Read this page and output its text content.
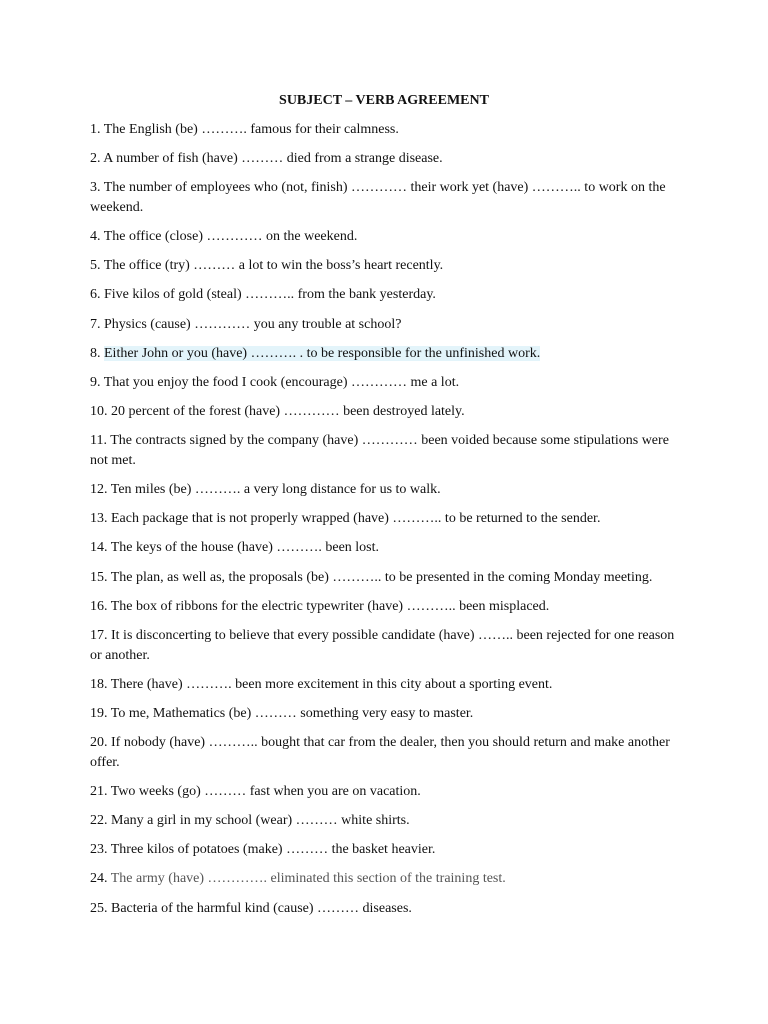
SUBJECT – VERB AGREEMENT
1. The English (be) ………. famous for their calmness.
2. A number of fish (have) ……… died from a strange disease.
3. The number of employees who (not, finish) ………… their work yet (have) ……….. to work on the weekend.
4. The office (close) ………… on the weekend.
5. The office (try) ……… a lot to win the boss’s heart recently.
6. Five kilos of gold (steal) ……….. from the bank yesterday.
7. Physics (cause) ………… you any trouble at school?
8. Either John or you (have) ………. . to be responsible for the unfinished work.
9. That you enjoy the food I cook (encourage) ………… me a lot.
10. 20 percent of the forest (have) ………… been destroyed lately.
11. The contracts signed by the company (have) ………… been voided because some stipulations were not met.
12. Ten miles (be) ………. a very long distance for us to walk.
13. Each package that is not properly wrapped (have) ……….. to be returned to the sender.
14. The keys of the house (have) ………. been lost.
15. The plan, as well as, the proposals (be) ……….. to be presented in the coming Monday meeting.
16. The box of ribbons for the electric typewriter (have) ……….. been misplaced.
17. It is disconcerting to believe that every possible candidate (have) …….. been rejected for one reason or another.
18. There (have) ………. been more excitement in this city about a sporting event.
19. To me, Mathematics (be) ……… something very easy to master.
20. If nobody (have) ……….. bought that car from the dealer, then you should return and make another offer.
21. Two weeks (go) ……… fast when you are on vacation.
22. Many a girl in my school (wear) ……… white shirts.
23. Three kilos of potatoes (make) ……… the basket heavier.
24. The army (have) …………. eliminated this section of the training test.
25. Bacteria of the harmful kind (cause) ……… diseases.
